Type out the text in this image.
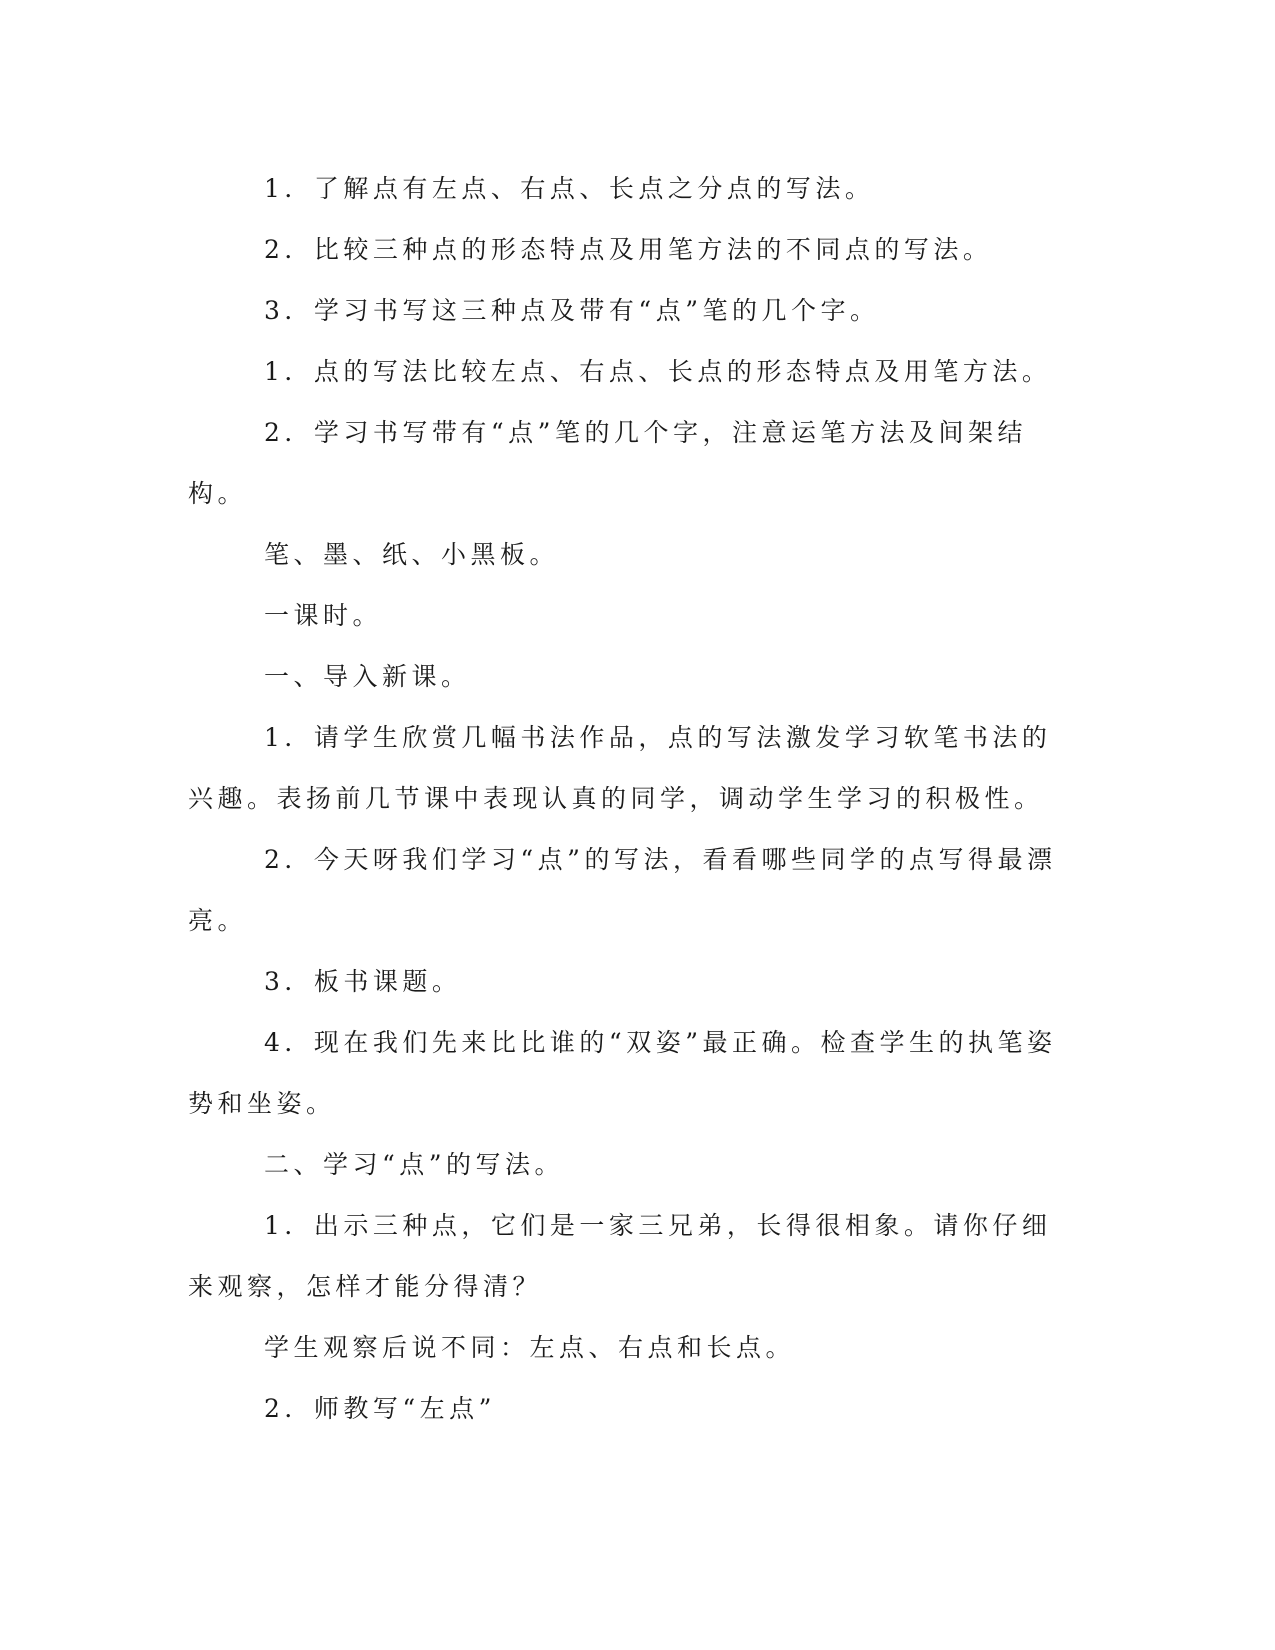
1．了解点有左点、右点、长点之分点的写法。

2．比较三种点的形态特点及用笔方法的不同点的写法。

3．学习书写这三种点及带有“点”笔的几个字。

1．点的写法比较左点、右点、长点的形态特点及用笔方法。

2．学习书写带有“点”笔的几个字，注意运笔方法及间架结构。

笔、墨、纸、小黑板。

一课时。

一、导入新课。

1．请学生欣赏几幅书法作品，点的写法激发学习软笔书法的兴趣。表扬前几节课中表现认真的同学，调动学生学习的积极性。

2．今天呀我们学习“点”的写法，看看哪些同学的点写得最漂亮。

3．板书课题。

4．现在我们先来比比谁的“双姿”最正确。检查学生的执笔姿势和坐姿。

二、学习“点”的写法。

1．出示三种点，它们是一家三兄弟，长得很相象。请你仔细来观察，怎样才能分得清？

学生观察后说不同：左点、右点和长点。

2．师教写“左点”
